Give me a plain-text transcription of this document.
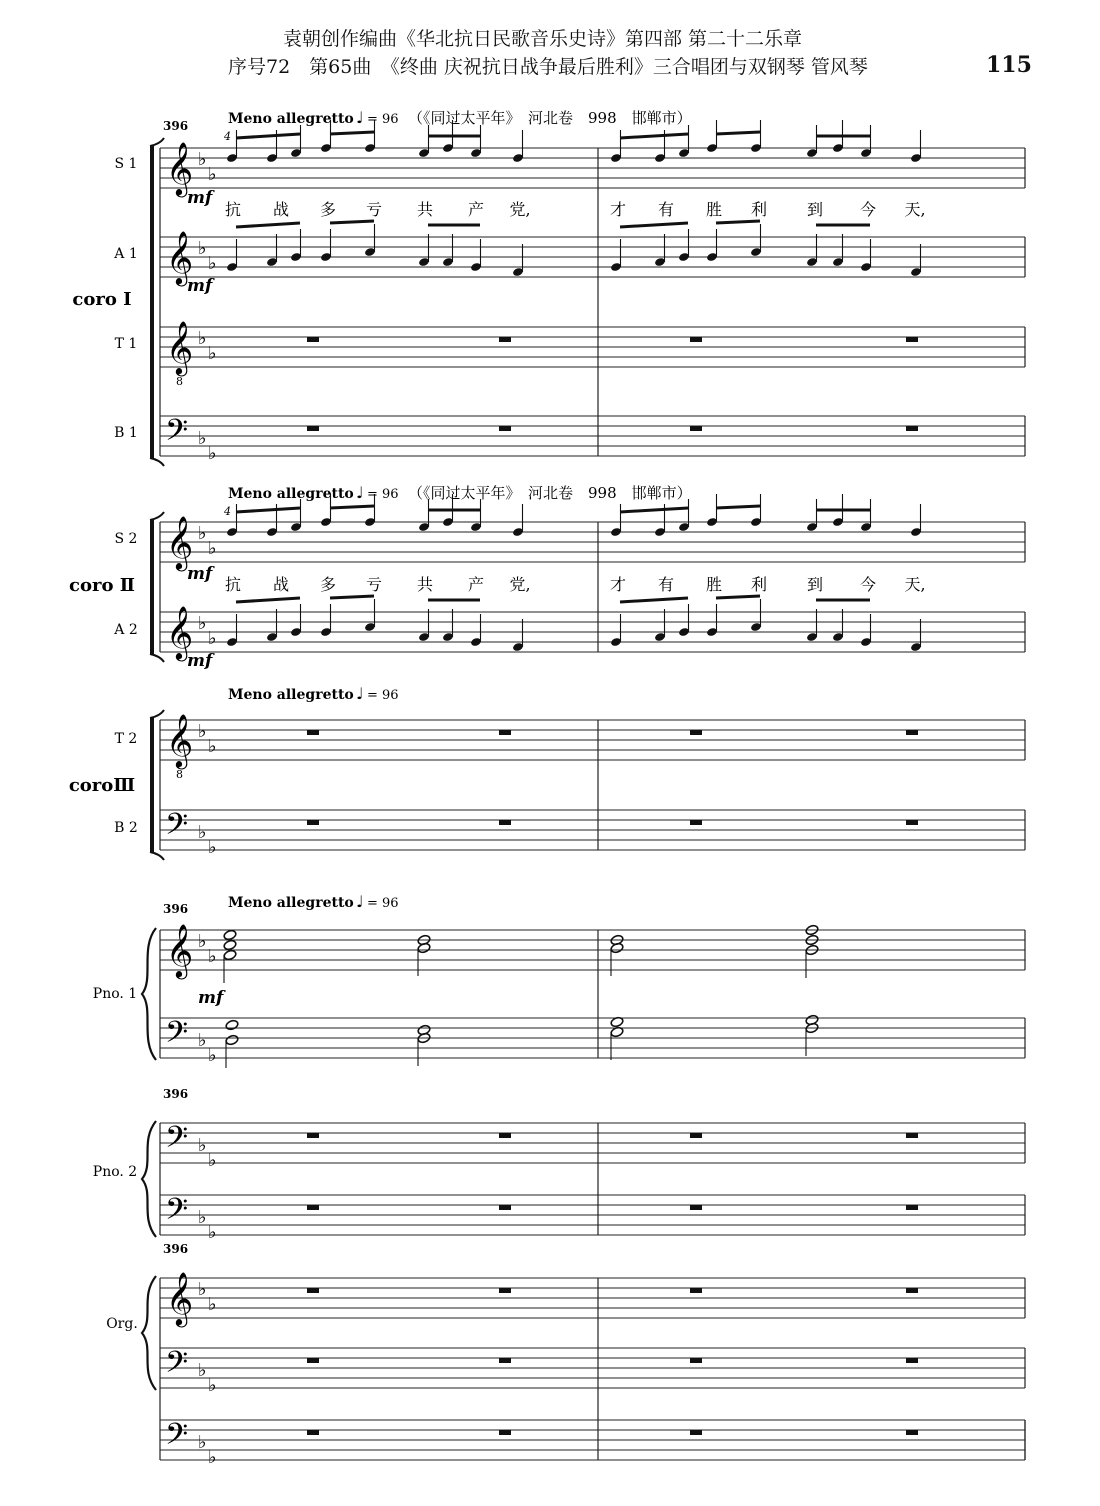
袁朝创作编曲《华北抗日民歌音乐史诗》第四部 第二十二乐章
序号72　第65曲　《终曲 庆祝抗日战争最后胜利》三合唱团与双钢琴 管风琴	115
𝄞 ♭
♭
𝄞 ♭
♭
𝄞
8
♭
♭
𝄢 ♭
♭
𝄞 ♭
♭
𝄞 ♭
♭
𝄞
8
♭
♭
𝄢 ♭
♭
𝄞 ♭
♭
𝄢 ♭
♭
𝄢 ♭
♭
𝄢 ♭
♭
𝄞 ♭
♭
𝄢 ♭
♭
𝄢 ♭
♭
S 1
A 1
T 1
B 1
S 2
A 2
T 2
B 2
Pno. 1
Pno. 2
Org.
coro Ⅰ
coro Ⅱ
coroⅢ
396
396
396
396
Meno allegretto ♩ = 96 （《同过太平年》　河北卷　998　邯郸市）
Meno allegretto ♩ = 96 （《同过太平年》　河北卷　998　邯郸市）
Meno allegretto ♩ = 96
Meno allegretto ♩ = 96
4
4
mf
mf
mf
mf
mf
抗 战 多 亏 共 产 党,	才 有 胜 利 到 今 天,
抗 战 多 亏 共 产 党,	才 有 胜 利 到 今 天,
